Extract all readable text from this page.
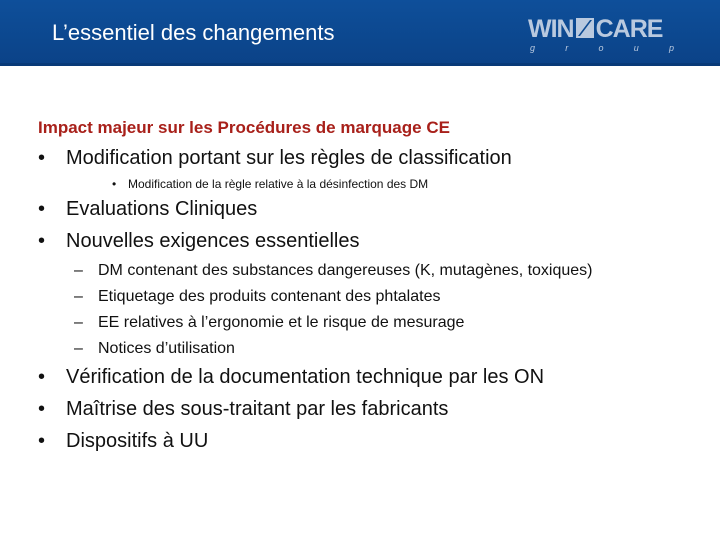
L’essentiel des changements	WIN CARE
g	r	o	u	p
Impact majeur sur les Procédures de marquage CE
• Modification portant sur les règles de classification
• Modification de la règle relative à la désinfection des DM
• Evaluations Cliniques
• Nouvelles exigences essentielles
– DM contenant des substances dangereuses (K, mutagènes, toxiques)
– Etiquetage des produits contenant des phtalates
– EE relatives à l’ergonomie et le risque de mesurage
– Notices d’utilisation
• Vérification de la documentation technique par les ON
• Maîtrise des sous-traitant par les fabricants
• Dispositifs à UU
